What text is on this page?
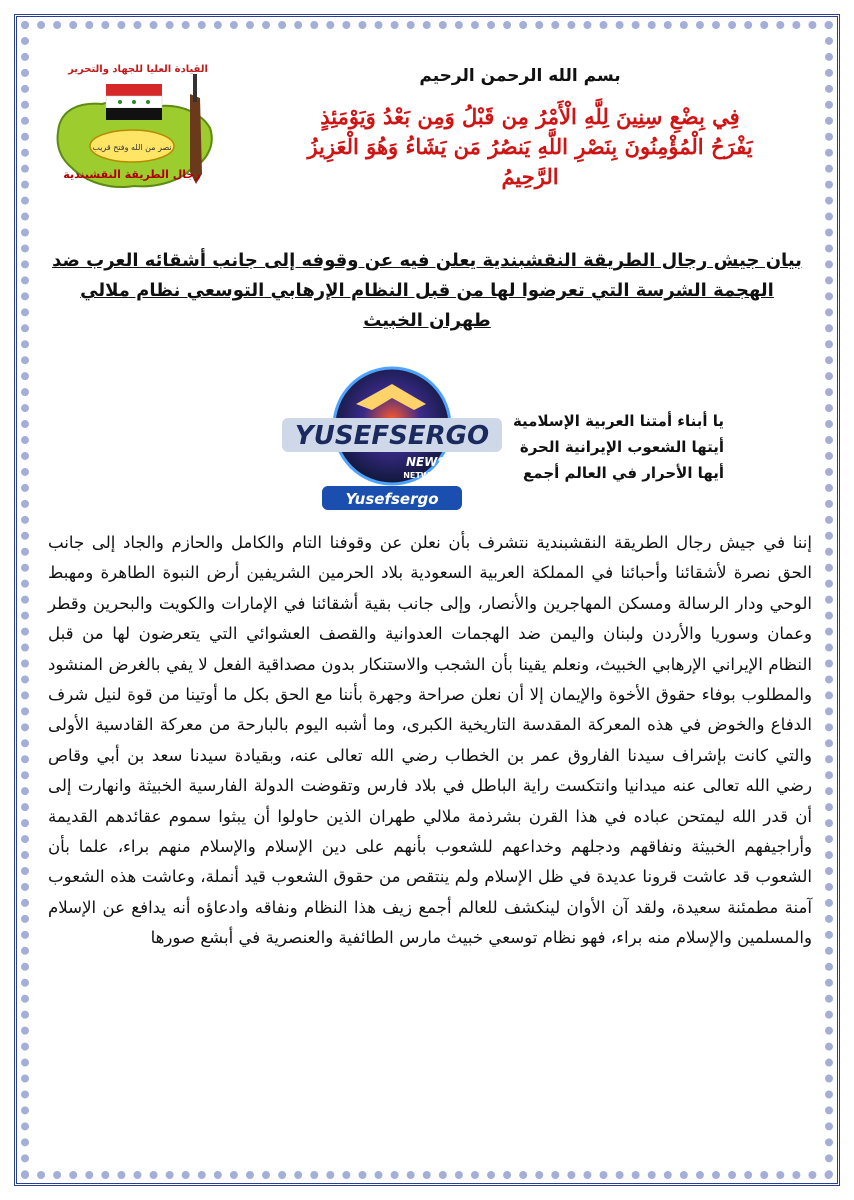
نصر من الله وفتح قريب
القيادة العليا للجهاد والتحرير
رجال الطريقة النقشبندية
بسم الله الرحمن الرحيم
فِي بِضْعِ سِنِينَ لِلَّهِ الْأَمْرُ مِن قَبْلُ وَمِن بَعْدُ وَيَوْمَئِذٍ
يَفْرَحُ الْمُؤْمِنُونَ بِنَصْرِ اللَّهِ يَنصُرُ مَن يَشَاءُ وَهُوَ الْعَزِيزُ
الرَّحِيمُ
بيان جيش رجال الطريقة النقشبندية يعلن فيه عن وقوفه إلى جانب أشقائه العرب ضد
الهجمة الشرسة التي تعرضوا لها من قبل النظام الإرهابي التوسعي نظام ملالي
طهران الخبيث
YUSEFSERGO
NEWS
NETWORK
Yusefsergo
يا أبناء أمتنا العربية الإسلامية
أيتها الشعوب الإيرانية الحرة
أيها الأحرار في العالم أجمع
إننا في جيش رجال الطريقة النقشبندية نتشرف بأن نعلن عن وقوفنا التام والكامل والحازم والجاد إلى جانب الحق نصرة لأشقائنا وأحبائنا في المملكة العربية السعودية بلاد الحرمين الشريفين أرض النبوة الطاهرة ومهبط الوحي ودار الرسالة ومسكن المهاجرين والأنصار، وإلى جانب بقية أشقائنا في الإمارات والكويت والبحرين وقطر وعمان وسوريا والأردن ولبنان واليمن ضد الهجمات العدوانية والقصف العشوائي التي يتعرضون لها من قبل النظام الإيراني الإرهابي الخبيث، ونعلم يقينا بأن الشجب والاستنكار بدون مصداقية الفعل لا يفي بالغرض المنشود والمطلوب بوفاء حقوق الأخوة والإيمان إلا أن نعلن صراحة وجهرة بأننا مع الحق بكل ما أوتينا من قوة لنيل شرف الدفاع والخوض في هذه المعركة المقدسة التاريخية الكبرى، وما أشبه اليوم بالبارحة من معركة القادسية الأولى والتي كانت بإشراف سيدنا الفاروق عمر بن الخطاب رضي الله تعالى عنه، وبقيادة سيدنا سعد بن أبي وقاص رضي الله تعالى عنه ميدانيا وانتكست راية الباطل في بلاد فارس وتقوضت الدولة الفارسية الخبيثة وانهارت إلى أن قدر الله ليمتحن عباده في هذا القرن بشرذمة ملالي طهران الذين حاولوا أن يبثوا سموم عقائدهم القديمة وأراجيفهم الخبيثة ونفاقهم ودجلهم وخداعهم للشعوب بأنهم على دين الإسلام والإسلام منهم براء، علما بأن الشعوب قد عاشت قرونا عديدة في ظل الإسلام ولم ينتقص من حقوق الشعوب قيد أنملة، وعاشت هذه الشعوب آمنة مطمئنة سعيدة، ولقد آن الأوان لينكشف للعالم أجمع زيف هذا النظام ونفاقه وادعاؤه أنه يدافع عن الإسلام والمسلمين والإسلام منه براء، فهو نظام توسعي خبيث مارس الطائفية والعنصرية في أبشع صورها
